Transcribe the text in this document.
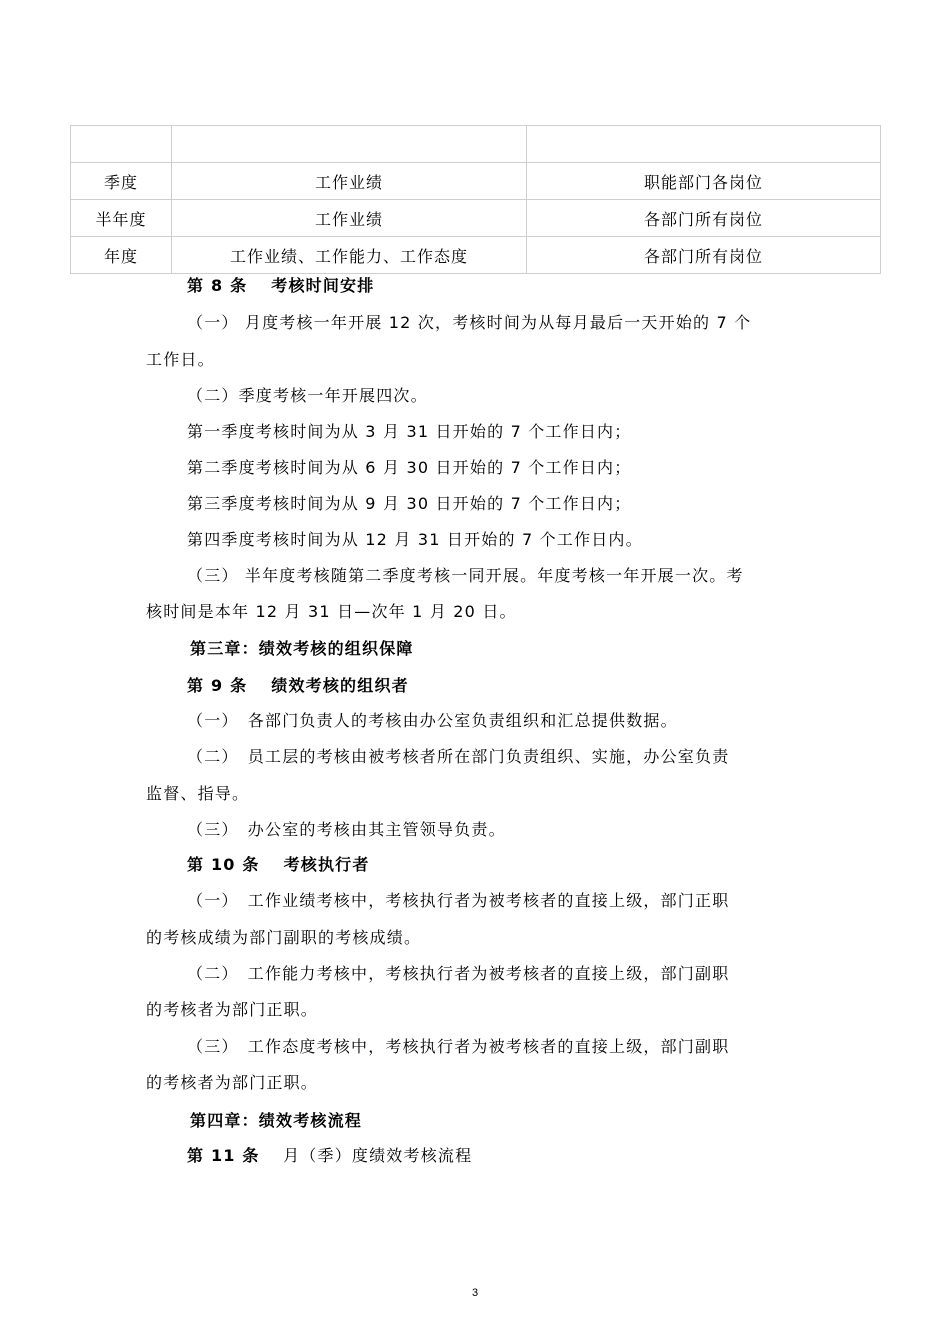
季度	工作业绩	职能部门各岗位
半年度	工作业绩	各部门所有岗位
年度	工作业绩、工作能力、工作态度	各部门所有岗位
第 8 条　 考核时间安排
（一） 月度考核一年开展 12 次，考核时间为从每月最后一天开始的 7 个
工作日。
（二）季度考核一年开展四次。
第一季度考核时间为从 3 月 31 日开始的 7 个工作日内；
第二季度考核时间为从 6 月 30 日开始的 7 个工作日内；
第三季度考核时间为从 9 月 30 日开始的 7 个工作日内；
第四季度考核时间为从 12 月 31 日开始的 7 个工作日内。
（三） 半年度考核随第二季度考核一同开展。年度考核一年开展一次。考
核时间是本年 12 月 31 日—次年 1 月 20 日。
第三章：绩效考核的组织保障
第 9 条　 绩效考核的组织者
（一）　各部门负责人的考核由办公室负责组织和汇总提供数据。
（二）　员工层的考核由被考核者所在部门负责组织、实施，办公室负责
监督、指导。
（三）　办公室的考核由其主管领导负责。
第 10 条　 考核执行者
（一）　工作业绩考核中，考核执行者为被考核者的直接上级，部门正职
的考核成绩为部门副职的考核成绩。
（二）　工作能力考核中，考核执行者为被考核者的直接上级，部门副职
的考核者为部门正职。
（三）　工作态度考核中，考核执行者为被考核者的直接上级，部门副职
的考核者为部门正职。
第四章：绩效考核流程
第 11 条　 月（季）度绩效考核流程
3
